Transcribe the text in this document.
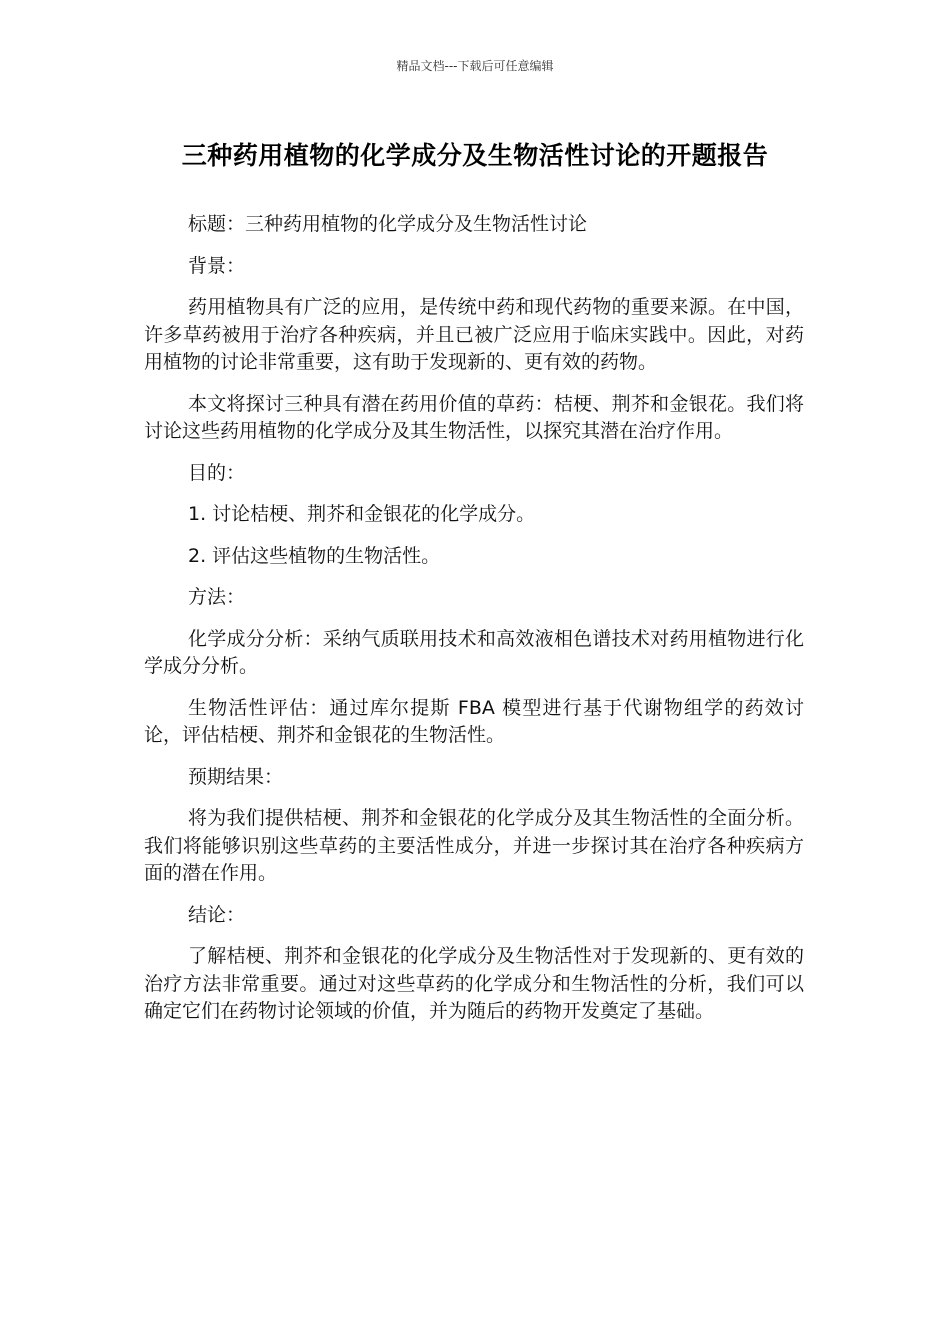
精品文档---下载后可任意编辑
三种药用植物的化学成分及生物活性讨论的开题报告

标题：三种药用植物的化学成分及生物活性讨论

背景：

药用植物具有广泛的应用，是传统中药和现代药物的重要来源。在中国，许多草药被用于治疗各种疾病，并且已被广泛应用于临床实践中。因此，对药用植物的讨论非常重要，这有助于发现新的、更有效的药物。

本文将探讨三种具有潜在药用价值的草药：桔梗、荆芥和金银花。我们将讨论这些药用植物的化学成分及其生物活性，以探究其潜在治疗作用。

目的：

1. 讨论桔梗、荆芥和金银花的化学成分。

2. 评估这些植物的生物活性。

方法：

化学成分分析：采纳气质联用技术和高效液相色谱技术对药用植物进行化学成分分析。

生物活性评估：通过库尔提斯 FBA 模型进行基于代谢物组学的药效讨论，评估桔梗、荆芥和金银花的生物活性。

预期结果：

将为我们提供桔梗、荆芥和金银花的化学成分及其生物活性的全面分析。我们将能够识别这些草药的主要活性成分，并进一步探讨其在治疗各种疾病方面的潜在作用。

结论：

了解桔梗、荆芥和金银花的化学成分及生物活性对于发现新的、更有效的治疗方法非常重要。通过对这些草药的化学成分和生物活性的分析，我们可以确定它们在药物讨论领域的价值，并为随后的药物开发奠定了基础。
